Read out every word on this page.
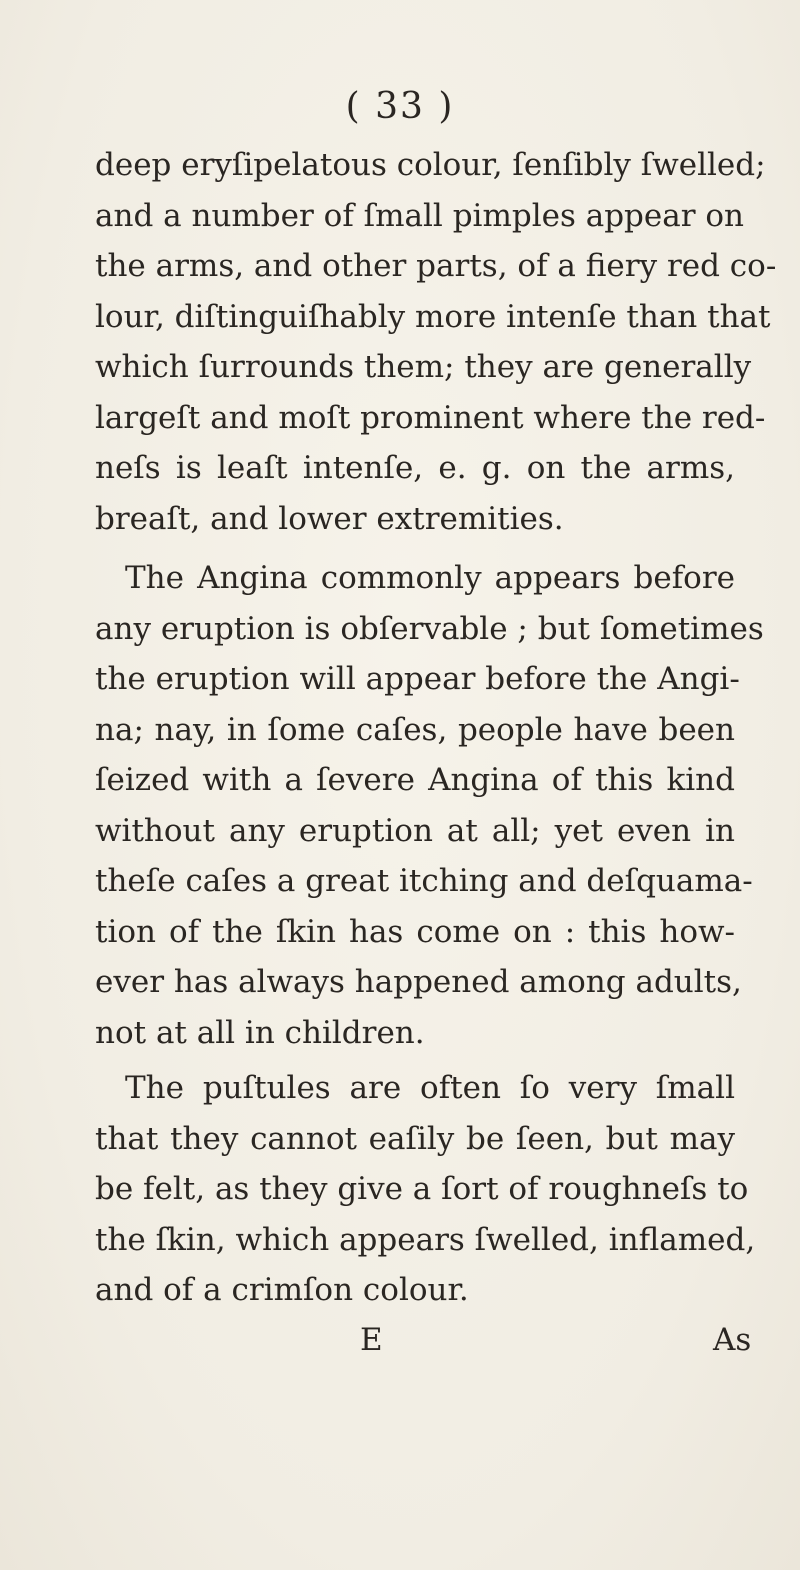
( 33 )
deep eryſipelatous colour, ſenſibly ſwelled;
and a number of ſmall pimples appear on
the arms, and other parts, of a fiery red co-
lour, diſtinguiſhably more intenſe than that
which ſurrounds them; they are generally
largeſt and moſt prominent where the red-
neſs is leaſt intenſe, e. g. on the arms,
breaſt, and lower extremities.
The Angina commonly appears before
any eruption is obſervable ; but ſometimes
the eruption will appear before the Angi-
na; nay, in ſome caſes, people have been
ſeized with a ſevere Angina of this kind
without any eruption at all; yet even in
theſe caſes a great itching and deſquama-
tion of the ſkin has come on : this how-
ever has always happened among adults,
not at all in children.
The puſtules are often ſo very ſmall
that they cannot eaſily be ſeen, but may
be felt, as they give a ſort of roughneſs to
the ſkin, which appears ſwelled, inflamed,
and of a crimſon colour.
E	As
